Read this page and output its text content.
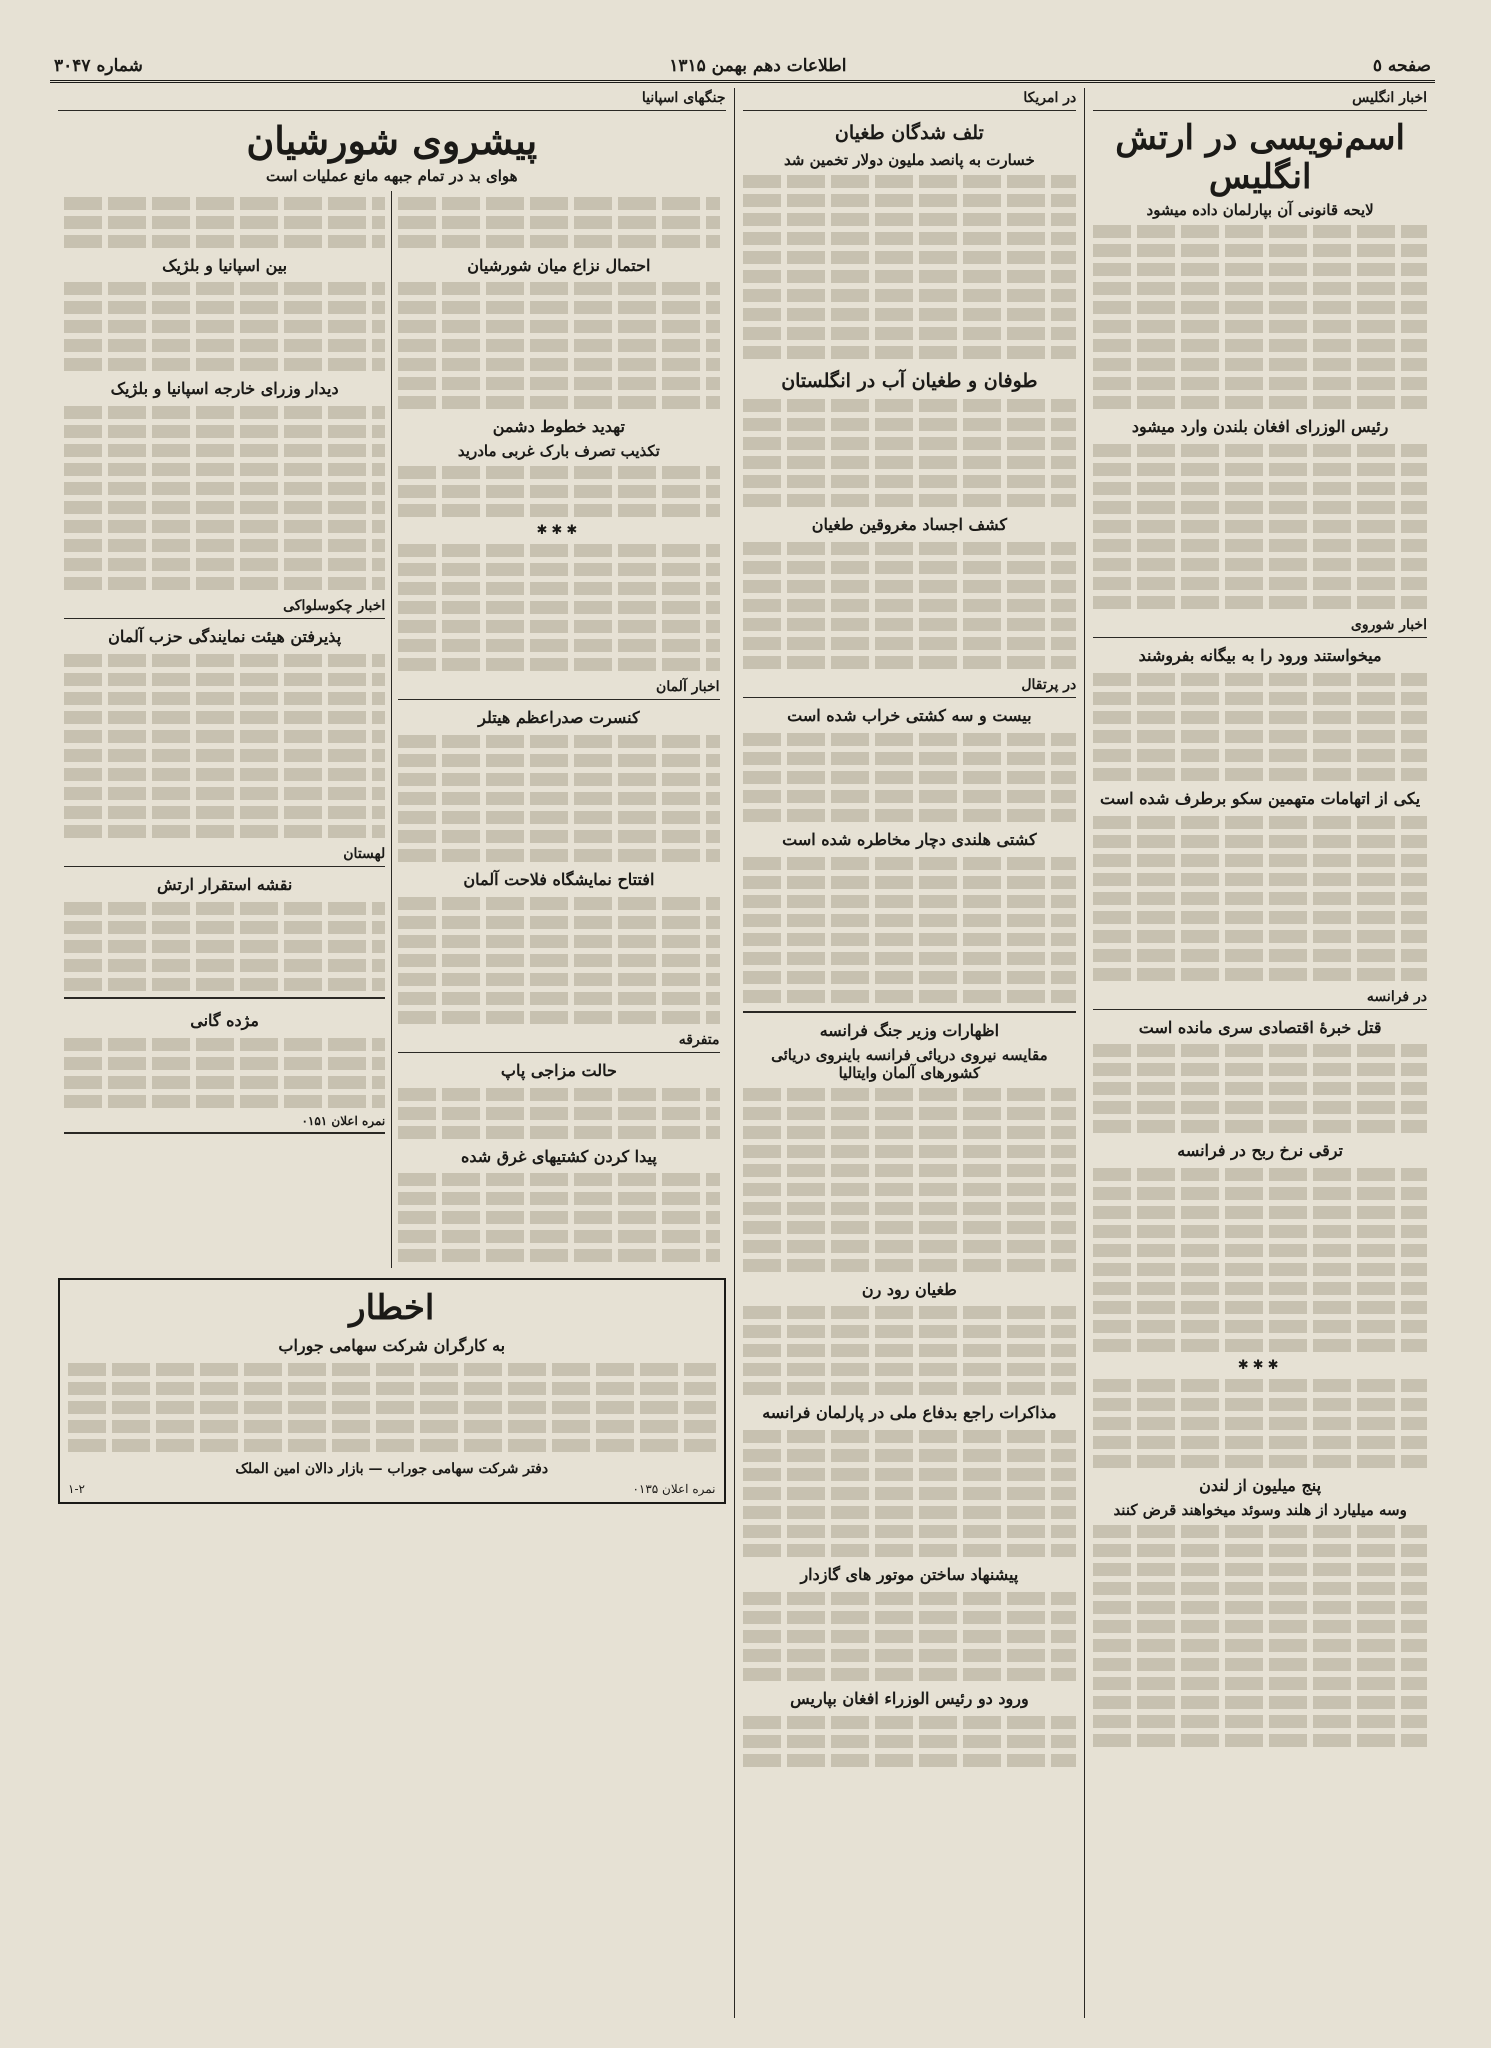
صفحه ٥
اطلاعات دهم بهمن ۱۳۱۵
شماره ۳۰۴۷
اخبار انگلیس
اسم‌نویسی در ارتش انگلیس
لایحه قانونی آن بپارلمان داده میشود
رئیس الوزرای افغان بلندن وارد میشود
اخبار شوروی
میخواستند ورود را به بیگانه بفروشند
یکی از اتهامات متهمین سکو برطرف شده است
در فرانسه
قتل خبرهٔ اقتصادی سری مانده است
ترقی نرخ ربح در فرانسه
✱✱✱
پنج میلیون از لندن
وسه میلیارد از هلند وسوئد میخواهند قرض کنند
در امریکا
تلف شدگان طغیان
خسارت به پانصد ملیون دولار تخمین شد
طوفان و طغیان آب در انگلستان
کشف اجساد مغروقین طغیان
در پرتقال
بیست و سه کشتی خراب شده است
کشتی هلندی دچار مخاطره شده است
اظهارات وزیر جنگ فرانسه
مقایسه نیروی دریائی فرانسه باینروی دریائی کشورهای آلمان وایتالیا
طغیان رود رن
مذاکرات راجع بدفاع ملی در پارلمان فرانسه
پیشنهاد ساختن موتور های گازدار
ورود دو رئیس الوزراء افغان بپاریس
جنگهای اسپانیا
پیشروی شورشیان
هوای بد در تمام جبهه مانع عملیات است
احتمال نزاع میان شورشیان
تهدید خطوط دشمن
تکذیب تصرف بارک غربی مادرید
✱✱✱
اخبار آلمان
کنسرت صدراعظم هیتلر
افتتاح نمایشگاه فلاحت آلمان
متفرقه
حالت مزاجی پاپ
پیدا کردن کشتیهای غرق شده
بین اسپانیا و بلژیک
دیدار وزرای خارجه اسپانیا و بلژیک
اخبار چکوسلواکی
پذیرفتن هیئت نمایندگی حزب آلمان
لهستان
نقشه استقرار ارتش
مژده گانی
نمره اعلان ۰۱۵۱
اخطار
به کارگران شرکت سهامی جوراب
دفتر شرکت سهامی جوراب — بازار دالان امین الملک
نمره اعلان ۰۱۳۵
۱-۲
